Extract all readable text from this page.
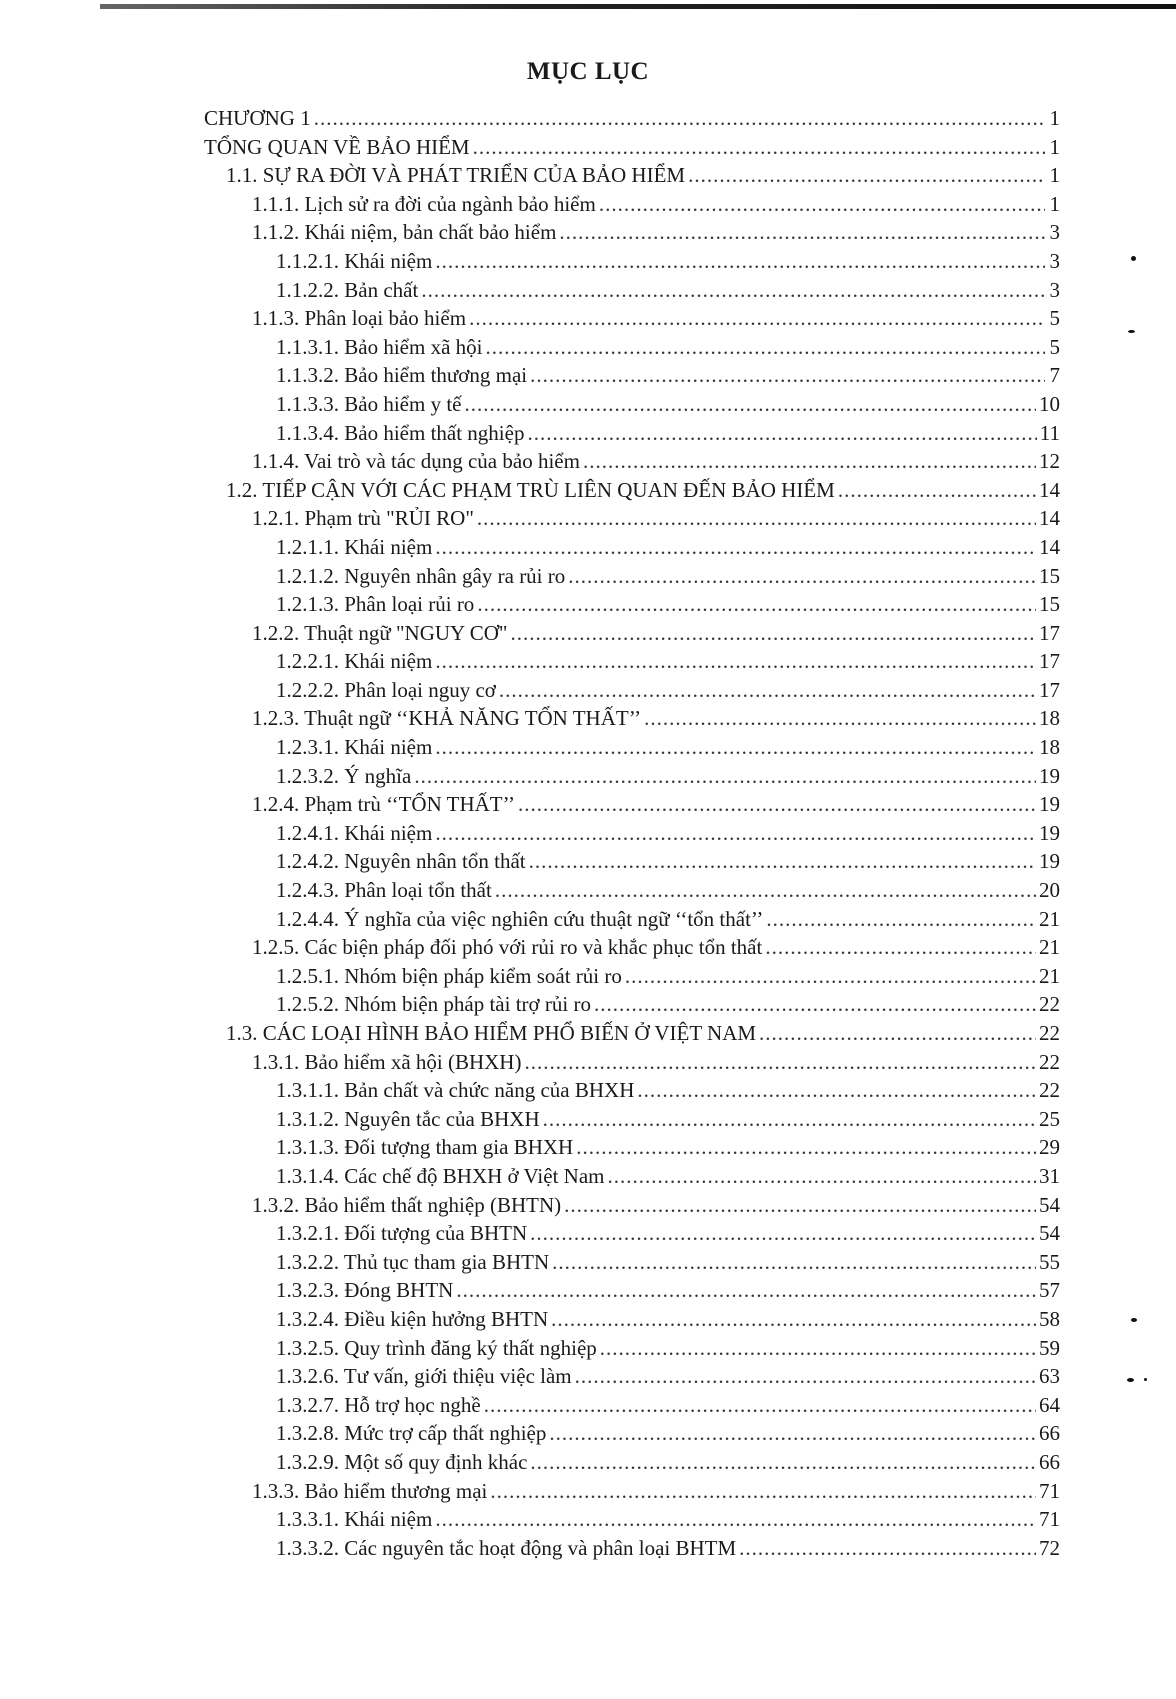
MỤC LỤC
CHƯƠNG 1 .....	1
TỔNG QUAN VỀ BẢO HIỂM .....	1
1.1. SỰ RA ĐỜI VÀ PHÁT TRIỂN CỦA BẢO HIỂM .....	1
1.1.1. Lịch sử ra đời của ngành bảo hiểm .....	1
1.1.2. Khái niệm, bản chất bảo hiểm .....	3
1.1.2.1. Khái niệm .....	3
1.1.2.2. Bản chất .....	3
1.1.3. Phân loại bảo hiểm .....	5
1.1.3.1. Bảo hiểm xã hội .....	5
1.1.3.2. Bảo hiểm thương mại .....	7
1.1.3.3. Bảo hiểm y tế .....	10
1.1.3.4. Bảo hiểm thất nghiệp .....	11
1.1.4. Vai trò và tác dụng của bảo hiểm .....	12
1.2. TIẾP CẬN VỚI CÁC PHẠM TRÙ LIÊN QUAN ĐẾN BẢO HIỂM .....	14
1.2.1. Phạm trù "RỦI RO" .....	14
1.2.1.1. Khái niệm .....	14
1.2.1.2. Nguyên nhân gây ra rủi ro .....	15
1.2.1.3. Phân loại rủi ro .....	15
1.2.2. Thuật ngữ "NGUY CƠ" .....	17
1.2.2.1. Khái niệm .....	17
1.2.2.2. Phân loại nguy cơ .....	17
1.2.3. Thuật ngữ ‘‘KHẢ NĂNG TỔN THẤT’’ .....	18
1.2.3.1. Khái niệm .....	18
1.2.3.2. Ý nghĩa .....	19
1.2.4. Phạm trù ‘‘TỔN THẤT’’ .....	19
1.2.4.1. Khái niệm .....	19
1.2.4.2. Nguyên nhân tổn thất .....	19
1.2.4.3. Phân loại tổn thất .....	20
1.2.4.4. Ý nghĩa của việc nghiên cứu thuật ngữ ‘‘tổn thất’’ .....	21
1.2.5. Các biện pháp đối phó với rủi ro và khắc phục tổn thất .....	21
1.2.5.1. Nhóm biện pháp kiểm soát rủi ro .....	21
1.2.5.2. Nhóm biện pháp tài trợ rủi ro .....	22
1.3. CÁC LOẠI HÌNH BẢO HIỂM PHỔ BIẾN Ở VIỆT NAM .....	22
1.3.1. Bảo hiểm xã hội (BHXH) .....	22
1.3.1.1. Bản chất và chức năng của BHXH .....	22
1.3.1.2. Nguyên tắc của BHXH .....	25
1.3.1.3. Đối tượng tham gia BHXH .....	29
1.3.1.4. Các chế độ BHXH ở Việt Nam .....	31
1.3.2. Bảo hiểm thất nghiệp (BHTN) .....	54
1.3.2.1. Đối tượng của BHTN .....	54
1.3.2.2. Thủ tục tham gia BHTN .....	55
1.3.2.3. Đóng BHTN .....	57
1.3.2.4. Điều kiện hưởng BHTN .....	58
1.3.2.5. Quy trình đăng ký thất nghiệp .....	59
1.3.2.6. Tư vấn, giới thiệu việc làm .....	63
1.3.2.7. Hỗ trợ học nghề .....	64
1.3.2.8. Mức trợ cấp thất nghiệp .....	66
1.3.2.9. Một số quy định khác .....	66
1.3.3. Bảo hiểm thương mại .....	71
1.3.3.1. Khái niệm .....	71
1.3.3.2. Các nguyên tắc hoạt động và phân loại BHTM .....	72
